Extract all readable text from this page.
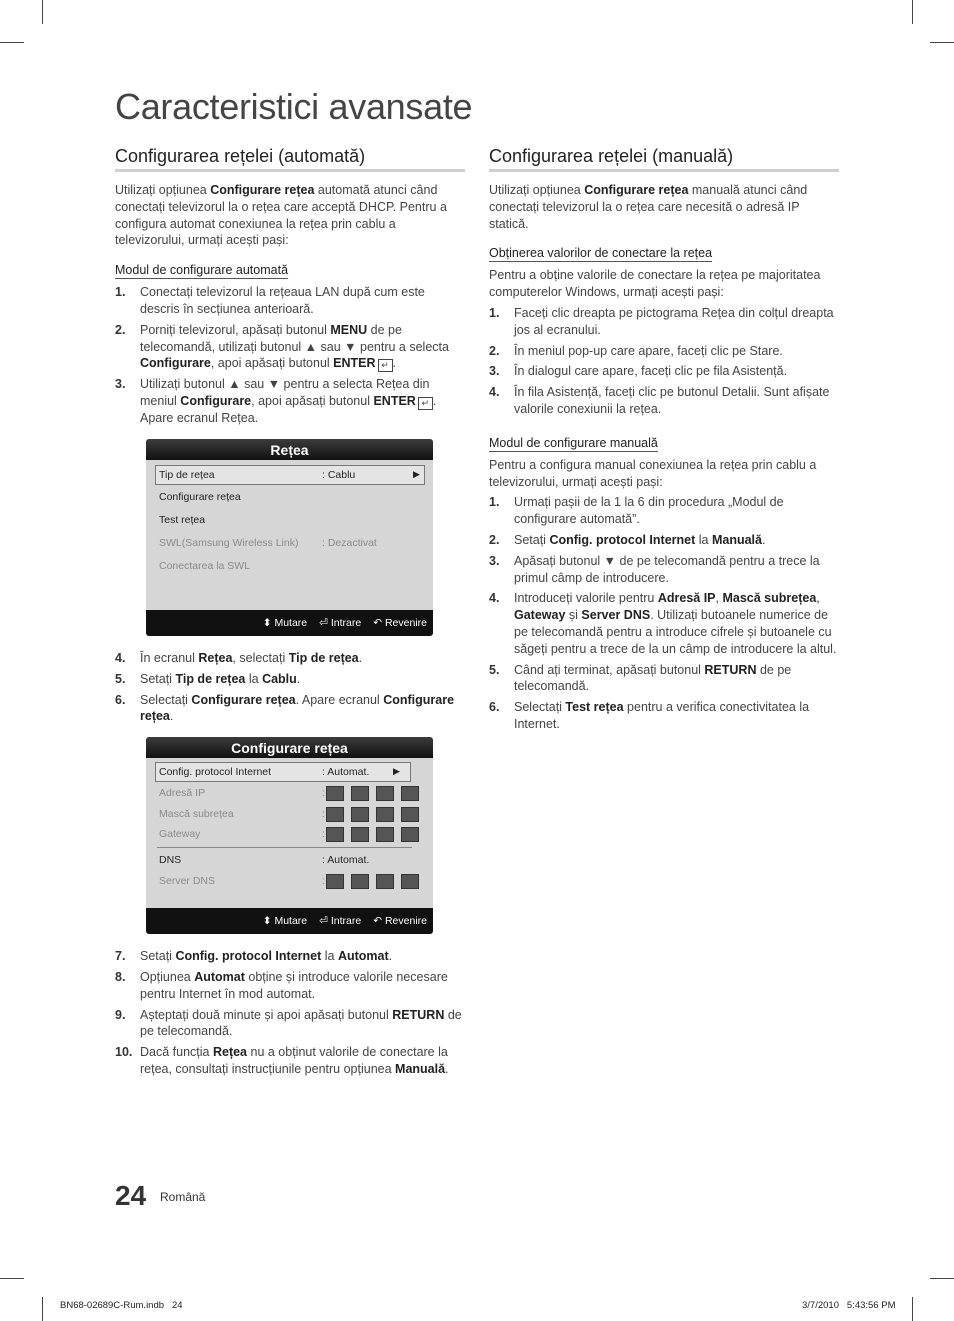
Caracteristici avansate
Configurarea rețelei (automată)

Utilizați opțiunea Configurare rețea automată atunci când conectați televizorul la o rețea care acceptă DHCP. Pentru a configura automat conexiunea la rețea prin cablu a televizorului, urmați acești pași:

Modul de configurare automată
1.	Conectați televizorul la rețeaua LAN după cum este descris în secțiunea anterioară.
2.	Porniți televizorul, apăsați butonul MENU de pe telecomandă, utilizați butonul ▲ sau ▼ pentru a selecta Configurare, apoi apăsați butonul ENTER ↵ .
3.	Utilizați butonul ▲ sau ▼ pentru a selecta Rețea din meniul Configurare, apoi apăsați butonul ENTER ↵ . Apare ecranul Rețea.
Rețea
Tip de rețea	: Cablu	▶
Configurare rețea
Test rețea
SWL(Samsung Wireless Link) : Dezactivat
Conectarea la SWL
⬍ Mutare ⏎ Intrare ↶ Revenire
4.	În ecranul Rețea, selectați Tip de rețea.
5.	Setați Tip de rețea la Cablu.
6.	Selectați Configurare rețea. Apare ecranul Configurare rețea.
Configurare rețea
Config. protocol Internet	: Automat.	▶
Adresă IP	:
Mască subrețea	:
Gateway	:
DNS	: Automat.
Server DNS	:
⬍ Mutare ⏎ Intrare ↶ Revenire
7.	Setați Config. protocol Internet la Automat.
8.	Opțiunea Automat obține și introduce valorile necesare pentru Internet în mod automat.
9.	Așteptați două minute și apoi apăsați butonul RETURN de pe telecomandă.
10. Dacă funcția Rețea nu a obținut valorile de conectare la rețea, consultați instrucțiunile pentru opțiunea Manuală.
Configurarea rețelei (manuală)

Utilizați opțiunea Configurare rețea manuală atunci când conectați televizorul la o rețea care necesită o adresă IP statică.

Obținerea valorilor de conectare la rețea

Pentru a obține valorile de conectare la rețea pe majoritatea computerelor Windows, urmați acești pași:

1.	Faceți clic dreapta pe pictograma Rețea din colțul dreapta jos al ecranului.
2.	În meniul pop-up care apare, faceți clic pe Stare.
3.	În dialogul care apare, faceți clic pe fila Asistență.
4.	În fila Asistență, faceți clic pe butonul Detalii. Sunt afișate valorile conexiunii la rețea.
Modul de configurare manuală

Pentru a configura manual conexiunea la rețea prin cablu a televizorului, urmați acești pași:

1.	Urmați pașii de la 1 la 6 din procedura „Modul de configurare automată”.
2.	Setați Config. protocol Internet la Manuală.
3.	Apăsați butonul ▼ de pe telecomandă pentru a trece la primul câmp de introducere.
4.	Introduceți valorile pentru Adresă IP, Mască subrețea, Gateway și Server DNS. Utilizați butoanele numerice de pe telecomandă pentru a introduce cifrele și butoanele cu săgeți pentru a trece de la un câmp de introducere la altul.
5.	Când ați terminat, apăsați butonul RETURN de pe telecomandă.
6.	Selectați Test rețea pentru a verifica conectivitatea la Internet.
24 Română
BN68-02689C-Rum.indb   24	3/7/2010   5:43:56 PM
